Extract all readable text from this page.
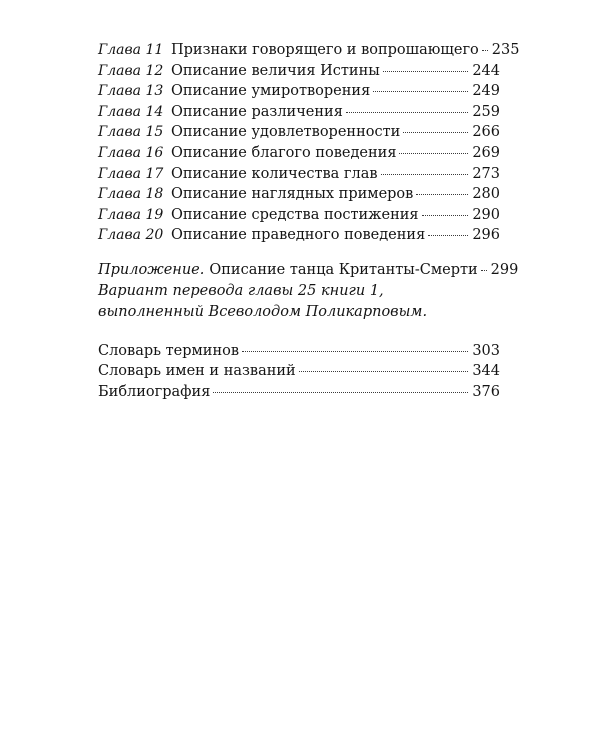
Глава 11 Признаки говорящего и вопрошающего 235
Глава 12 Описание величия Истины	244
Глава 13 Описание умиротворения	249
Глава 14 Описание различения	259
Глава 15 Описание удовлетворенности	266
Глава 16 Описание благого поведения	269
Глава 17 Описание количества глав	273
Глава 18 Описание наглядных примеров	280
Глава 19 Описание средства постижения	290
Глава 20 Описание праведного поведения	296
Приложение. Описание танца Кританты-Смерти 299
Вариант перевода главы 25 книги 1,
выполненный Всеволодом Поликарповым.
Словарь терминов	303
Словарь имен и названий	344
Библиография	376
